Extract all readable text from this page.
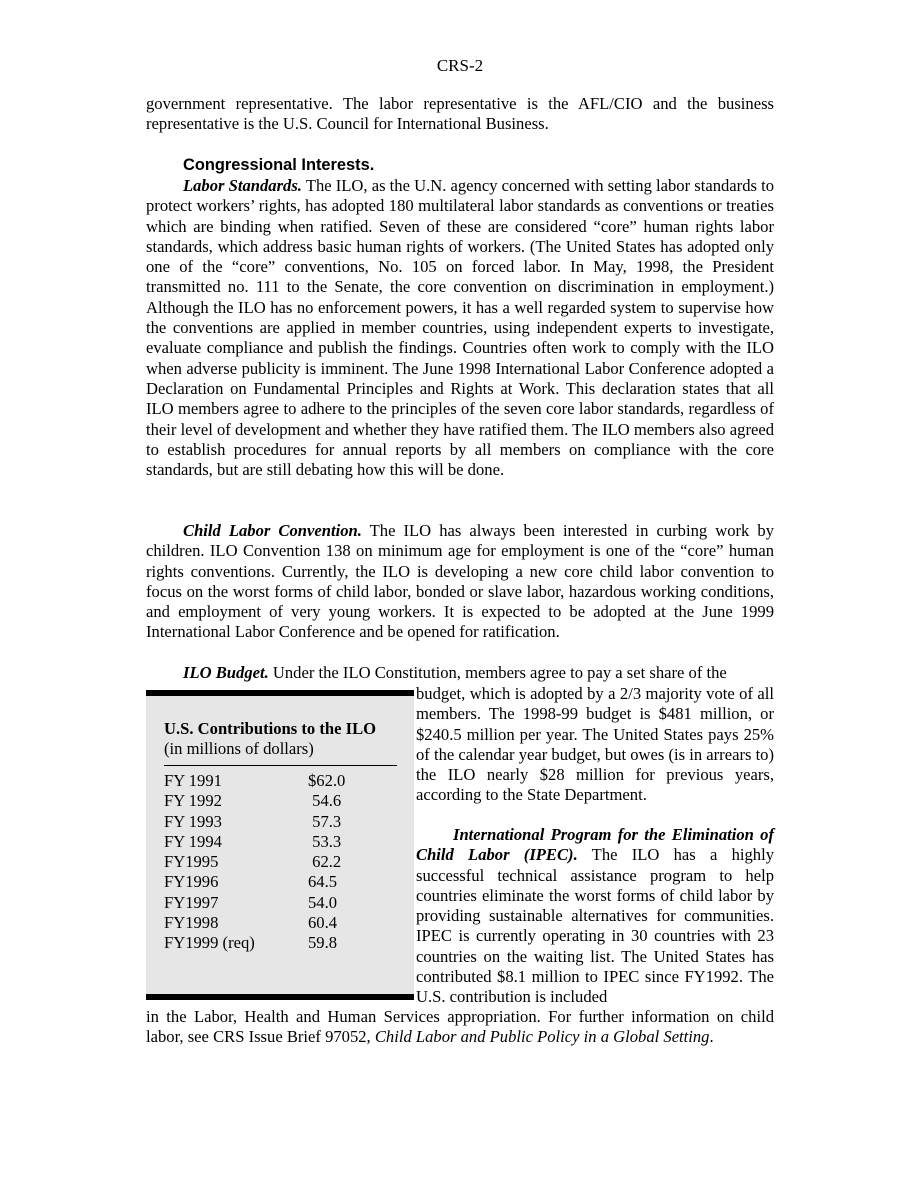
CRS-2

government representative. The labor representative is the AFL/CIO and the business representative is the U.S. Council for International Business.

Congressional Interests.

Labor Standards. The ILO, as the U.N. agency concerned with setting labor standards to protect workers’ rights, has adopted 180 multilateral labor standards as conventions or treaties which are binding when ratified. Seven of these are considered “core” human rights labor standards, which address basic human rights of workers. (The United States has adopted only one of the “core” conventions, No. 105 on forced labor. In May, 1998, the President transmitted no. 111 to the Senate, the core convention on discrimination in employment.) Although the ILO has no enforcement powers, it has a well regarded system to supervise how the conventions are applied in member countries, using independent experts to investigate, evaluate compliance and publish the findings. Countries often work to comply with the ILO when adverse publicity is imminent. The June 1998 International Labor Conference adopted a Declaration on Fundamental Principles and Rights at Work. This declaration states that all ILO members agree to adhere to the principles of the seven core labor standards, regardless of their level of development and whether they have ratified them. The ILO members also agreed to establish procedures for annual reports by all members on compliance with the core standards, but are still debating how this will be done.

Child Labor Convention. The ILO has always been interested in curbing work by children. ILO Convention 138 on minimum age for employment is one of the “core” human rights conventions. Currently, the ILO is developing a new core child labor convention to focus on the worst forms of child labor, bonded or slave labor, hazardous working conditions, and employment of very young workers. It is expected to be adopted at the June 1999 International Labor Conference and be opened for ratification.

ILO Budget. Under the ILO Constitution, members agree to pay a set share of the

U.S. Contributions to the ILO
(in millions of dollars)
FY 1991	$62.0
FY 1992	54.6
FY 1993	57.3
FY 1994	53.3
FY1995	62.2
FY1996	64.5
FY1997	54.0
FY1998	60.4
FY1999 (req)	59.8

budget, which is adopted by a 2/3 majority vote of all members. The 1998-99 budget is $481 million, or $240.5 million per year. The United States pays 25% of the calendar year budget, but owes (is in arrears to) the ILO nearly $28 million for previous years, according to the State Department.

International Program for the Elimination of Child Labor (IPEC). The ILO has a highly successful technical assistance program to help countries eliminate the worst forms of child labor by providing sustainable alternatives for communities. IPEC is currently operating in 30 countries with 23 countries on the waiting list. The United States has contributed $8.1 million to IPEC since FY1992. The U.S. contribution is included

in the Labor, Health and Human Services appropriation. For further information on child labor, see CRS Issue Brief 97052, Child Labor and Public Policy in a Global Setting.
